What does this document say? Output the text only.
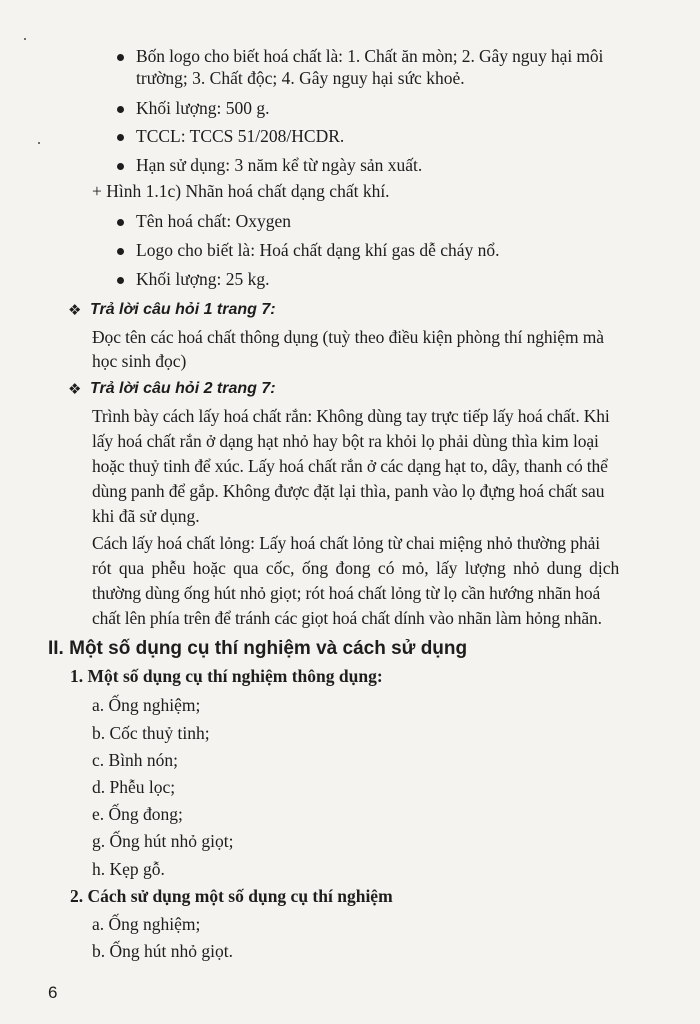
Bốn logo cho biết hoá chất là: 1. Chất ăn mòn; 2. Gây nguy hại môi
trường; 3. Chất độc; 4. Gây nguy hại sức khoẻ.
Khối lượng: 500 g.
TCCL: TCCS 51/208/HCDR.
Hạn sử dụng: 3 năm kể từ ngày sản xuất.
+ Hình 1.1c) Nhãn hoá chất dạng chất khí.
Tên hoá chất: Oxygen
Logo cho biết là: Hoá chất dạng khí gas dễ cháy nổ.
Khối lượng: 25 kg.
❖ Trả lời câu hỏi 1 trang 7:
Đọc tên các hoá chất thông dụng (tuỳ theo điều kiện phòng thí nghiệm mà
học sinh đọc)
❖ Trả lời câu hỏi 2 trang 7:
Trình bày cách lấy hoá chất rắn: Không dùng tay trực tiếp lấy hoá chất. Khi
lấy hoá chất rắn ở dạng hạt nhỏ hay bột ra khỏi lọ phải dùng thìa kim loại
hoặc thuỷ tinh để xúc. Lấy hoá chất rắn ở các dạng hạt to, dây, thanh có thể
dùng panh để gắp. Không được đặt lại thìa, panh vào lọ đựng hoá chất sau
khi đã sử dụng.
Cách lấy hoá chất lỏng: Lấy hoá chất lỏng từ chai miệng nhỏ thường phải
rót qua phễu hoặc qua cốc, ống đong có mỏ, lấy lượng nhỏ dung dịch
thường dùng ống hút nhỏ giọt; rót hoá chất lỏng từ lọ cần hướng nhãn hoá
chất lên phía trên để tránh các giọt hoá chất dính vào nhãn làm hỏng nhãn.
II. Một số dụng cụ thí nghiệm và cách sử dụng
1. Một số dụng cụ thí nghiệm thông dụng:
a. Ống nghiệm;
b. Cốc thuỷ tinh;
c. Bình nón;
d. Phễu lọc;
e. Ống đong;
g. Ống hút nhỏ giọt;
h. Kẹp gỗ.
2. Cách sử dụng một số dụng cụ thí nghiệm
a. Ống nghiệm;
b. Ống hút nhỏ giọt.
6
